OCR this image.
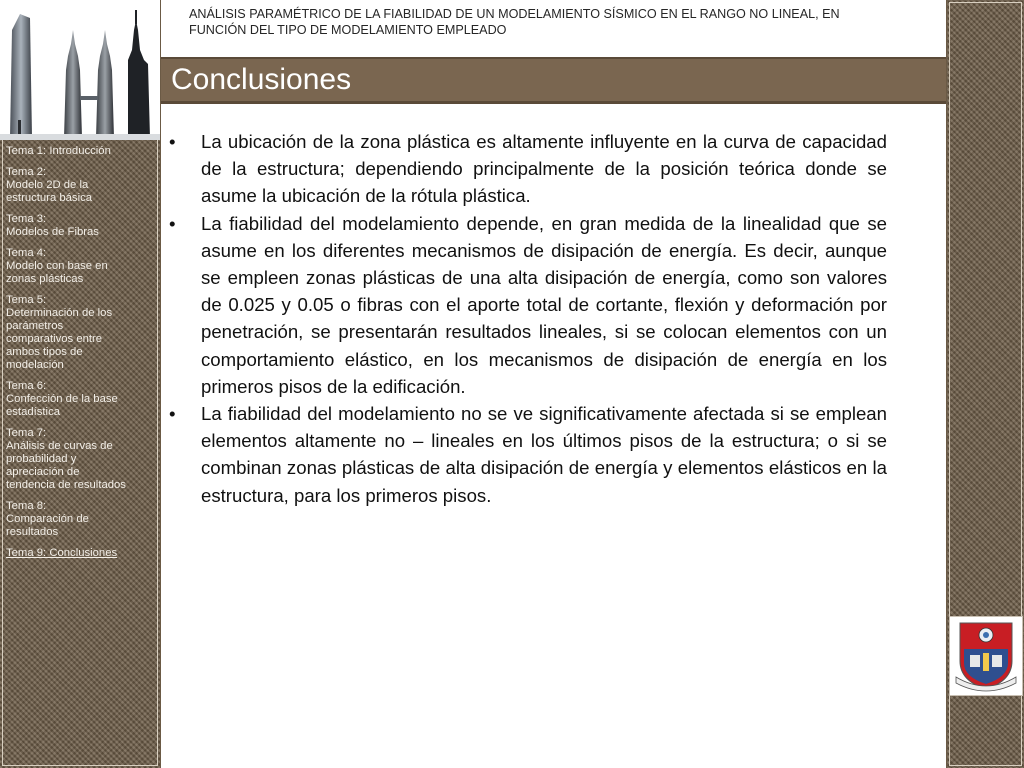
Tema 1: Introducción
Tema 2:
Modelo 2D de la
estructura básica
Tema 3:
Modelos de Fibras
Tema 4:
Modelo con base en
zonas plásticas
Tema 5:
Determinación de los
parámetros
comparativos entre
ambos tipos de
modelación
Tema 6:
Confección de la base
estadística
Tema 7:
Análisis de curvas de
probabilidad y
apreciación de
tendencia de resultados
Tema 8:
Comparación de
resultados
Tema 9: Conclusiones
ANÁLISIS PARAMÉTRICO DE LA FIABILIDAD DE UN MODELAMIENTO SÍSMICO EN EL RANGO NO LINEAL, EN
FUNCIÓN DEL TIPO DE MODELAMIENTO EMPLEADO
Conclusiones
• La ubicación de la zona plástica es altamente influyente en la curva de capacidad de la estructura; dependiendo principalmente de la posición teórica donde se asume la ubicación de la rótula plástica.
• La fiabilidad del modelamiento depende, en gran medida de la linealidad que se asume en los diferentes mecanismos de disipación de energía. Es decir, aunque se empleen zonas plásticas de una alta disipación de energía, como son valores de 0.025 y 0.05 o fibras con el aporte total de cortante, flexión y deformación por penetración, se presentarán resultados lineales, si se colocan elementos con un comportamiento elástico, en los mecanismos de disipación de energía en los primeros pisos de la edificación.
• La fiabilidad del modelamiento no se ve significativamente afectada si se emplean elementos altamente no – lineales en los últimos pisos de la estructura; o si se combinan zonas plásticas de alta disipación de energía y elementos elásticos en la estructura, para los primeros pisos.
